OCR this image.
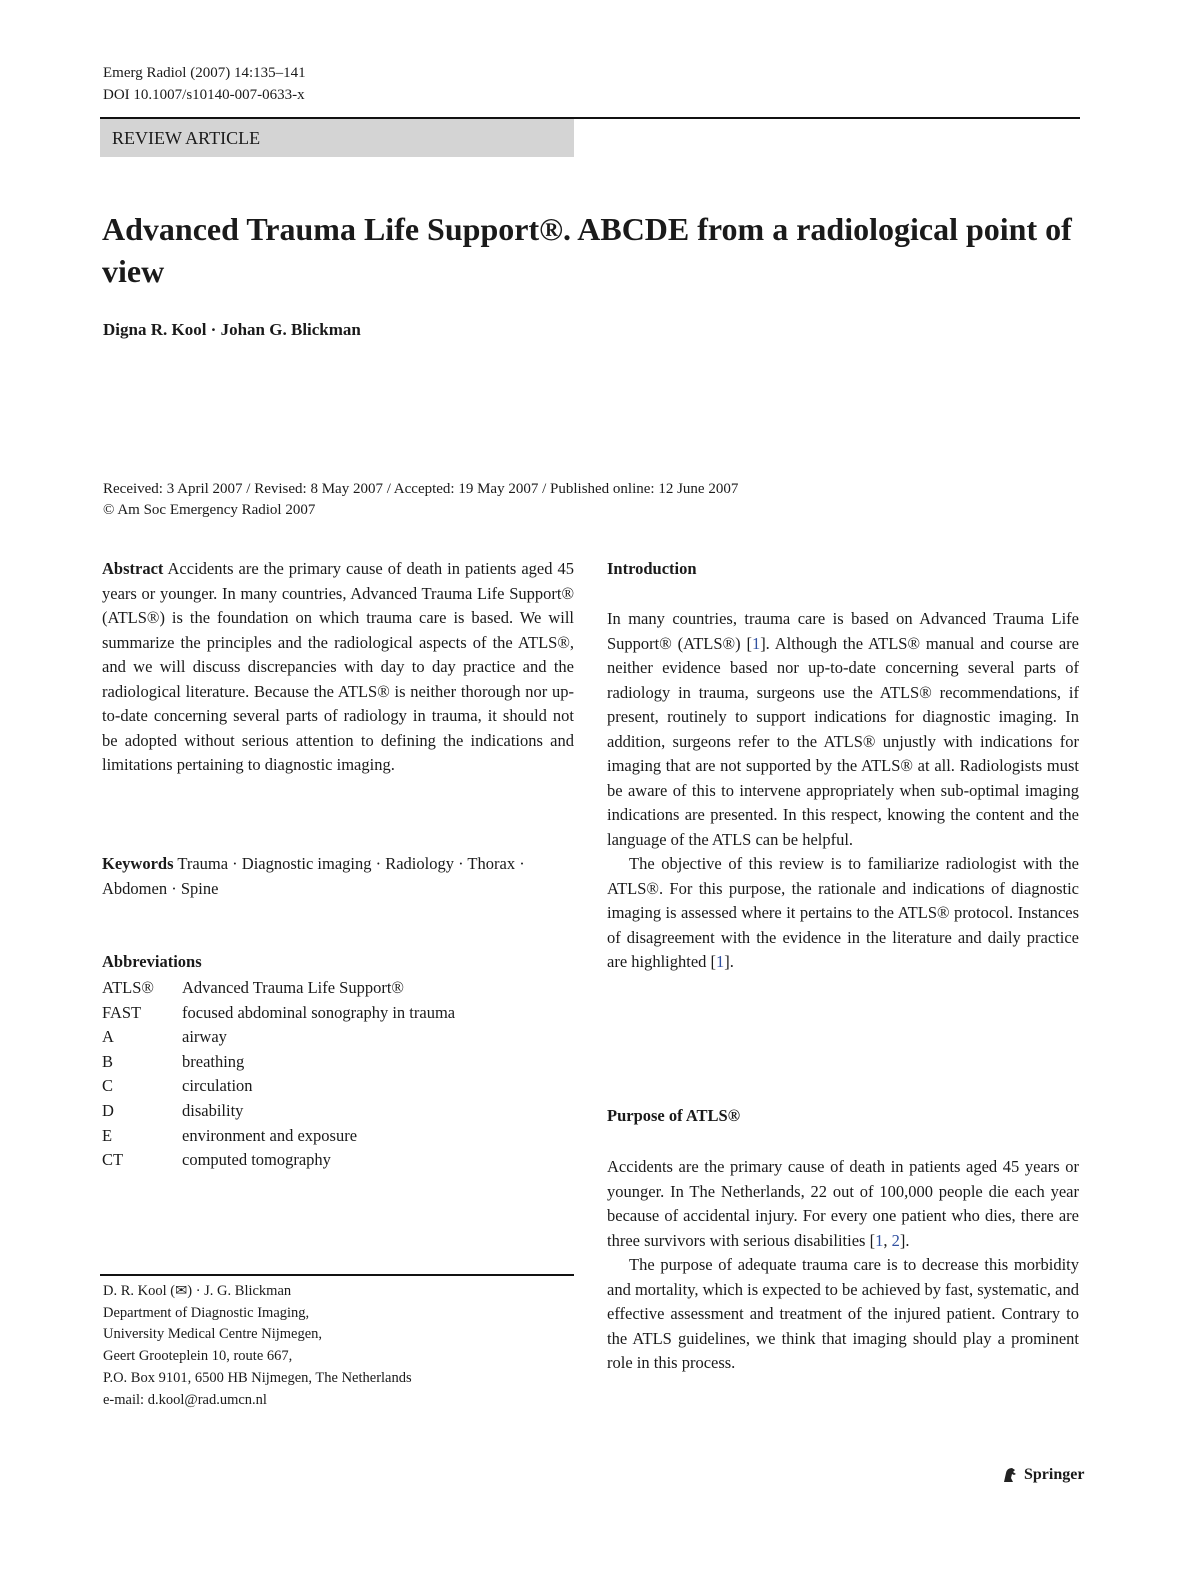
Emerg Radiol (2007) 14:135–141
DOI 10.1007/s10140-007-0633-x
REVIEW ARTICLE
Advanced Trauma Life Support®. ABCDE from a radiological point of view
Digna R. Kool · Johan G. Blickman
Received: 3 April 2007 / Revised: 8 May 2007 / Accepted: 19 May 2007 / Published online: 12 June 2007
© Am Soc Emergency Radiol 2007
Abstract Accidents are the primary cause of death in patients aged 45 years or younger. In many countries, Advanced Trauma Life Support® (ATLS®) is the foundation on which trauma care is based. We will summarize the principles and the radiological aspects of the ATLS®, and we will discuss discrepancies with day to day practice and the radiological literature. Because the ATLS® is neither thorough nor up-to-date concerning several parts of radiology in trauma, it should not be adopted without serious attention to defining the indications and limitations pertaining to diagnostic imaging.
Keywords Trauma · Diagnostic imaging · Radiology · Thorax · Abdomen · Spine
Abbreviations
ATLS®	Advanced Trauma Life Support®
FAST	focused abdominal sonography in trauma
A	airway
B	breathing
C	circulation
D	disability
E	environment and exposure
CT	computed tomography
D. R. Kool (✉) · J. G. Blickman
Department of Diagnostic Imaging,
University Medical Centre Nijmegen,
Geert Grooteplein 10, route 667,
P.O. Box 9101, 6500 HB Nijmegen, The Netherlands
e-mail: d.kool@rad.umcn.nl
Introduction

In many countries, trauma care is based on Advanced Trauma Life Support® (ATLS®) [1]. Although the ATLS® manual and course are neither evidence based nor up-to-date concerning several parts of radiology in trauma, surgeons use the ATLS® recommendations, if present, routinely to support indications for diagnostic imaging. In addition, surgeons refer to the ATLS® unjustly with indications for imaging that are not supported by the ATLS® at all. Radiologists must be aware of this to intervene appropriately when sub-optimal imaging indications are presented. In this respect, knowing the content and the language of the ATLS can be helpful.

The objective of this review is to familiarize radiologist with the ATLS®. For this purpose, the rationale and indications of diagnostic imaging is assessed where it pertains to the ATLS® protocol. Instances of disagreement with the evidence in the literature and daily practice are highlighted [1].

Purpose of ATLS®

Accidents are the primary cause of death in patients aged 45 years or younger. In The Netherlands, 22 out of 100,000 people die each year because of accidental injury. For every one patient who dies, there are three survivors with serious disabilities [1, 2].

The purpose of adequate trauma care is to decrease this morbidity and mortality, which is expected to be achieved by fast, systematic, and effective assessment and treatment of the injured patient. Contrary to the ATLS guidelines, we think that imaging should play a prominent role in this process.

Springer
